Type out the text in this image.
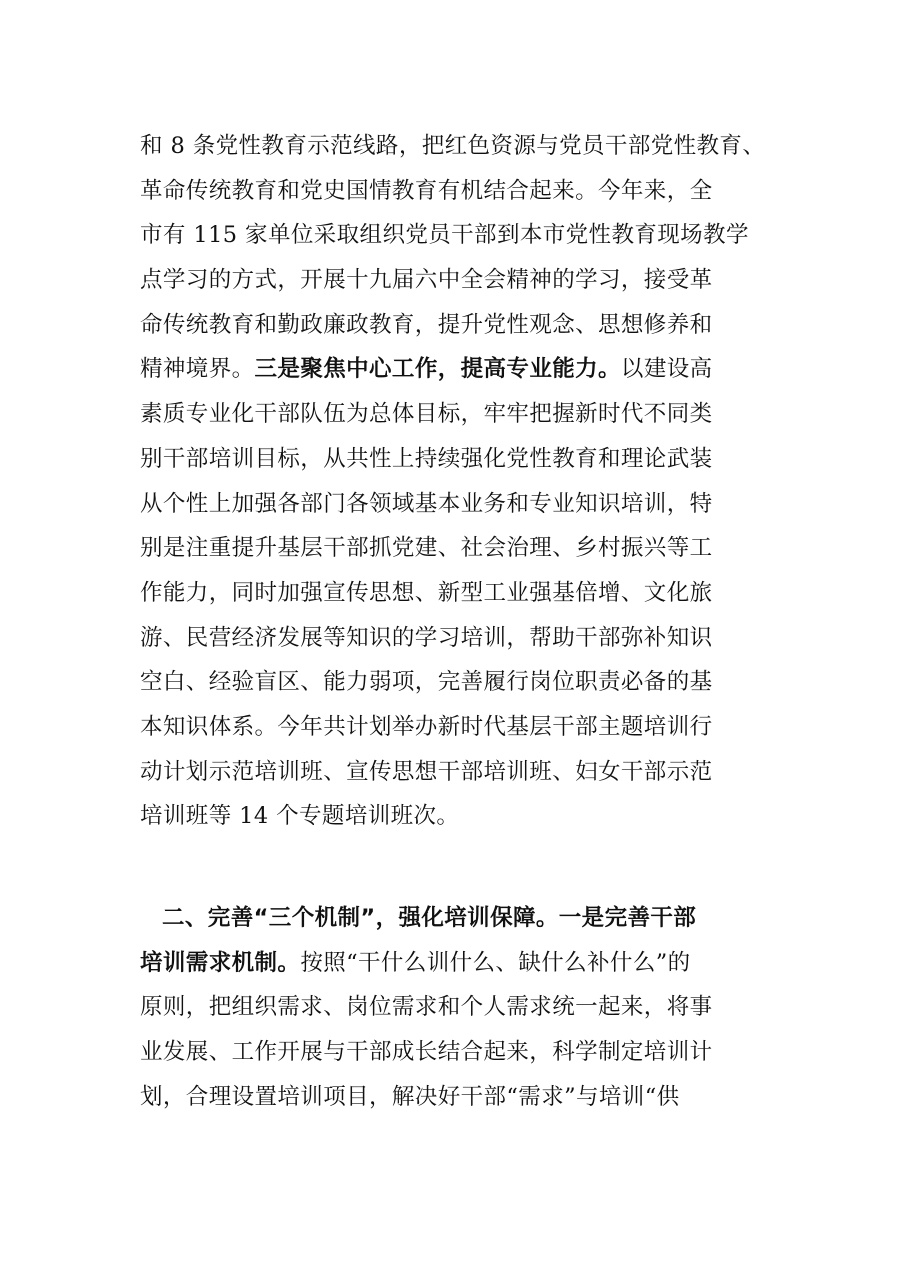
和 8 条党性教育示范线路，把红色资源与党员干部党性教育、
革命传统教育和党史国情教育有机结合起来。今年来，全
市有 115 家单位采取组织党员干部到本市党性教育现场教学
点学习的方式，开展十九届六中全会精神的学习，接受革
命传统教育和勤政廉政教育，提升党性观念、思想修养和
精神境界。三是聚焦中心工作，提高专业能力。以建设高
素质专业化干部队伍为总体目标，牢牢把握新时代不同类
别干部培训目标，从共性上持续强化党性教育和理论武装
从个性上加强各部门各领域基本业务和专业知识培训，特
别是注重提升基层干部抓党建、社会治理、乡村振兴等工
作能力，同时加强宣传思想、新型工业强基倍增、文化旅
游、民营经济发展等知识的学习培训，帮助干部弥补知识
空白、经验盲区、能力弱项，完善履行岗位职责必备的基
本知识体系。今年共计划举办新时代基层干部主题培训行
动计划示范培训班、宣传思想干部培训班、妇女干部示范
培训班等 14 个专题培训班次。
二、完善“三个机制”，强化培训保障。一是完善干部
培训需求机制。按照“干什么训什么、缺什么补什么”的
原则，把组织需求、岗位需求和个人需求统一起来，将事
业发展、工作开展与干部成长结合起来，科学制定培训计
划，合理设置培训项目，解决好干部“需求”与培训“供
